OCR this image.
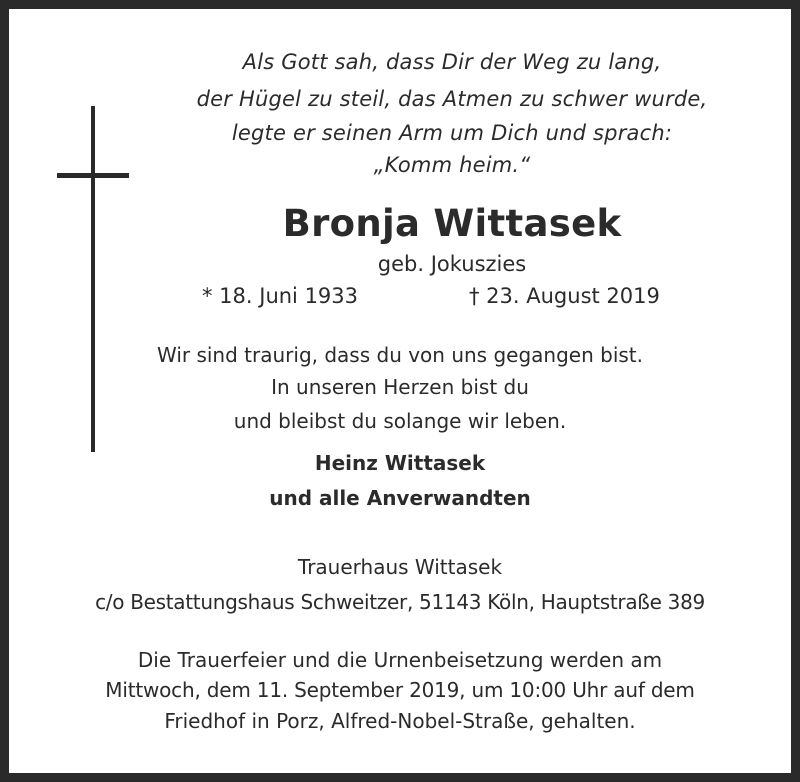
Als Gott sah, dass Dir der Weg zu lang,
der Hügel zu steil, das Atmen zu schwer wurde,
legte er seinen Arm um Dich und sprach:
„Komm heim.“
Bronja Wittasek
geb. Jokuszies
* 18. Juni 1933	† 23. August 2019
Wir sind traurig, dass du von uns gegangen bist.
In unseren Herzen bist du
und bleibst du solange wir leben.
Heinz Wittasek
und alle Anverwandten
Trauerhaus Wittasek
c/o Bestattungshaus Schweitzer, 51143 Köln, Hauptstraße 389
Die Trauerfeier und die Urnenbeisetzung werden am
Mittwoch, dem 11. September 2019, um 10:00 Uhr auf dem
Friedhof in Porz, Alfred-Nobel-Straße, gehalten.
